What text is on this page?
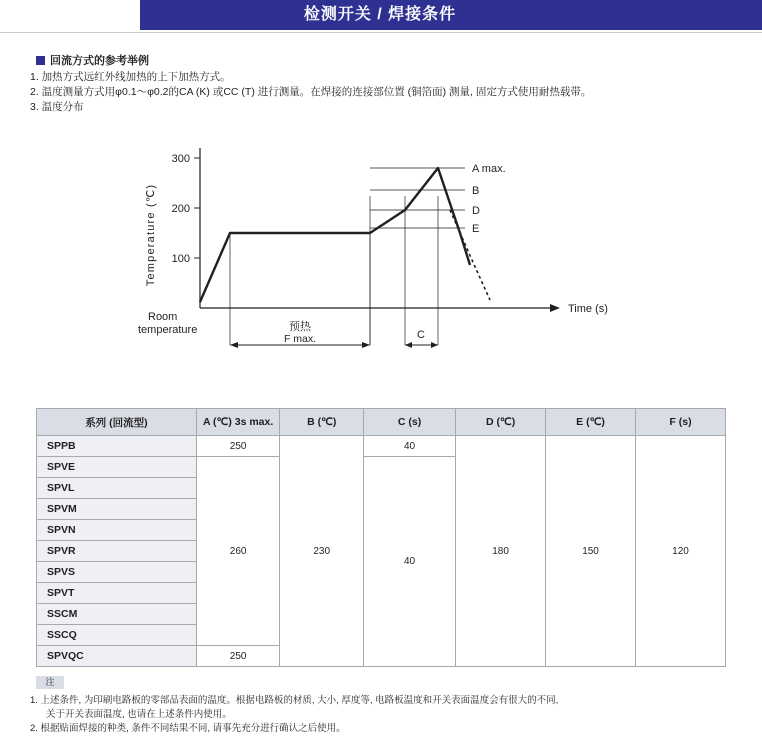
检测开关 / 焊接条件
回流方式的参考举例
1. 加热方式远红外线加热的上下加热方式。
2. 温度测量方式用φ0.1～φ0.2的CA (K) 或CC (T) 进行测量。在焊接的连接部位置 (铜箔面) 测量, 固定方式使用耐热载带。
3. 温度分布
300
200
100
Temperature (℃)
Time (s)
Room
temperature
A max.
B
D
E
预热
F max.	C
系列 (回流型)	A (℃) 3s max.	B (℃)	C (s)	D (℃)	E (℃)	F (s)
SPPB	250	230	40	180	150	120
SPVE	260		40			
SPVL						
SPVM						
SPVN						
SPVR						
SPVS						
SPVT						
SSCM						
SSCQ						
SPVQC	250					
注
1. 上述条件, 为印刷电路板的零部品表面的温度。根据电路板的材质, 大小, 厚度等, 电路板温度和开关表面温度会有很大的不同,
关于开关表面温度, 也请在上述条件内使用。
2. 根据贴面焊接的种类, 条件不同结果不同, 请事先充分进行确认之后使用。
